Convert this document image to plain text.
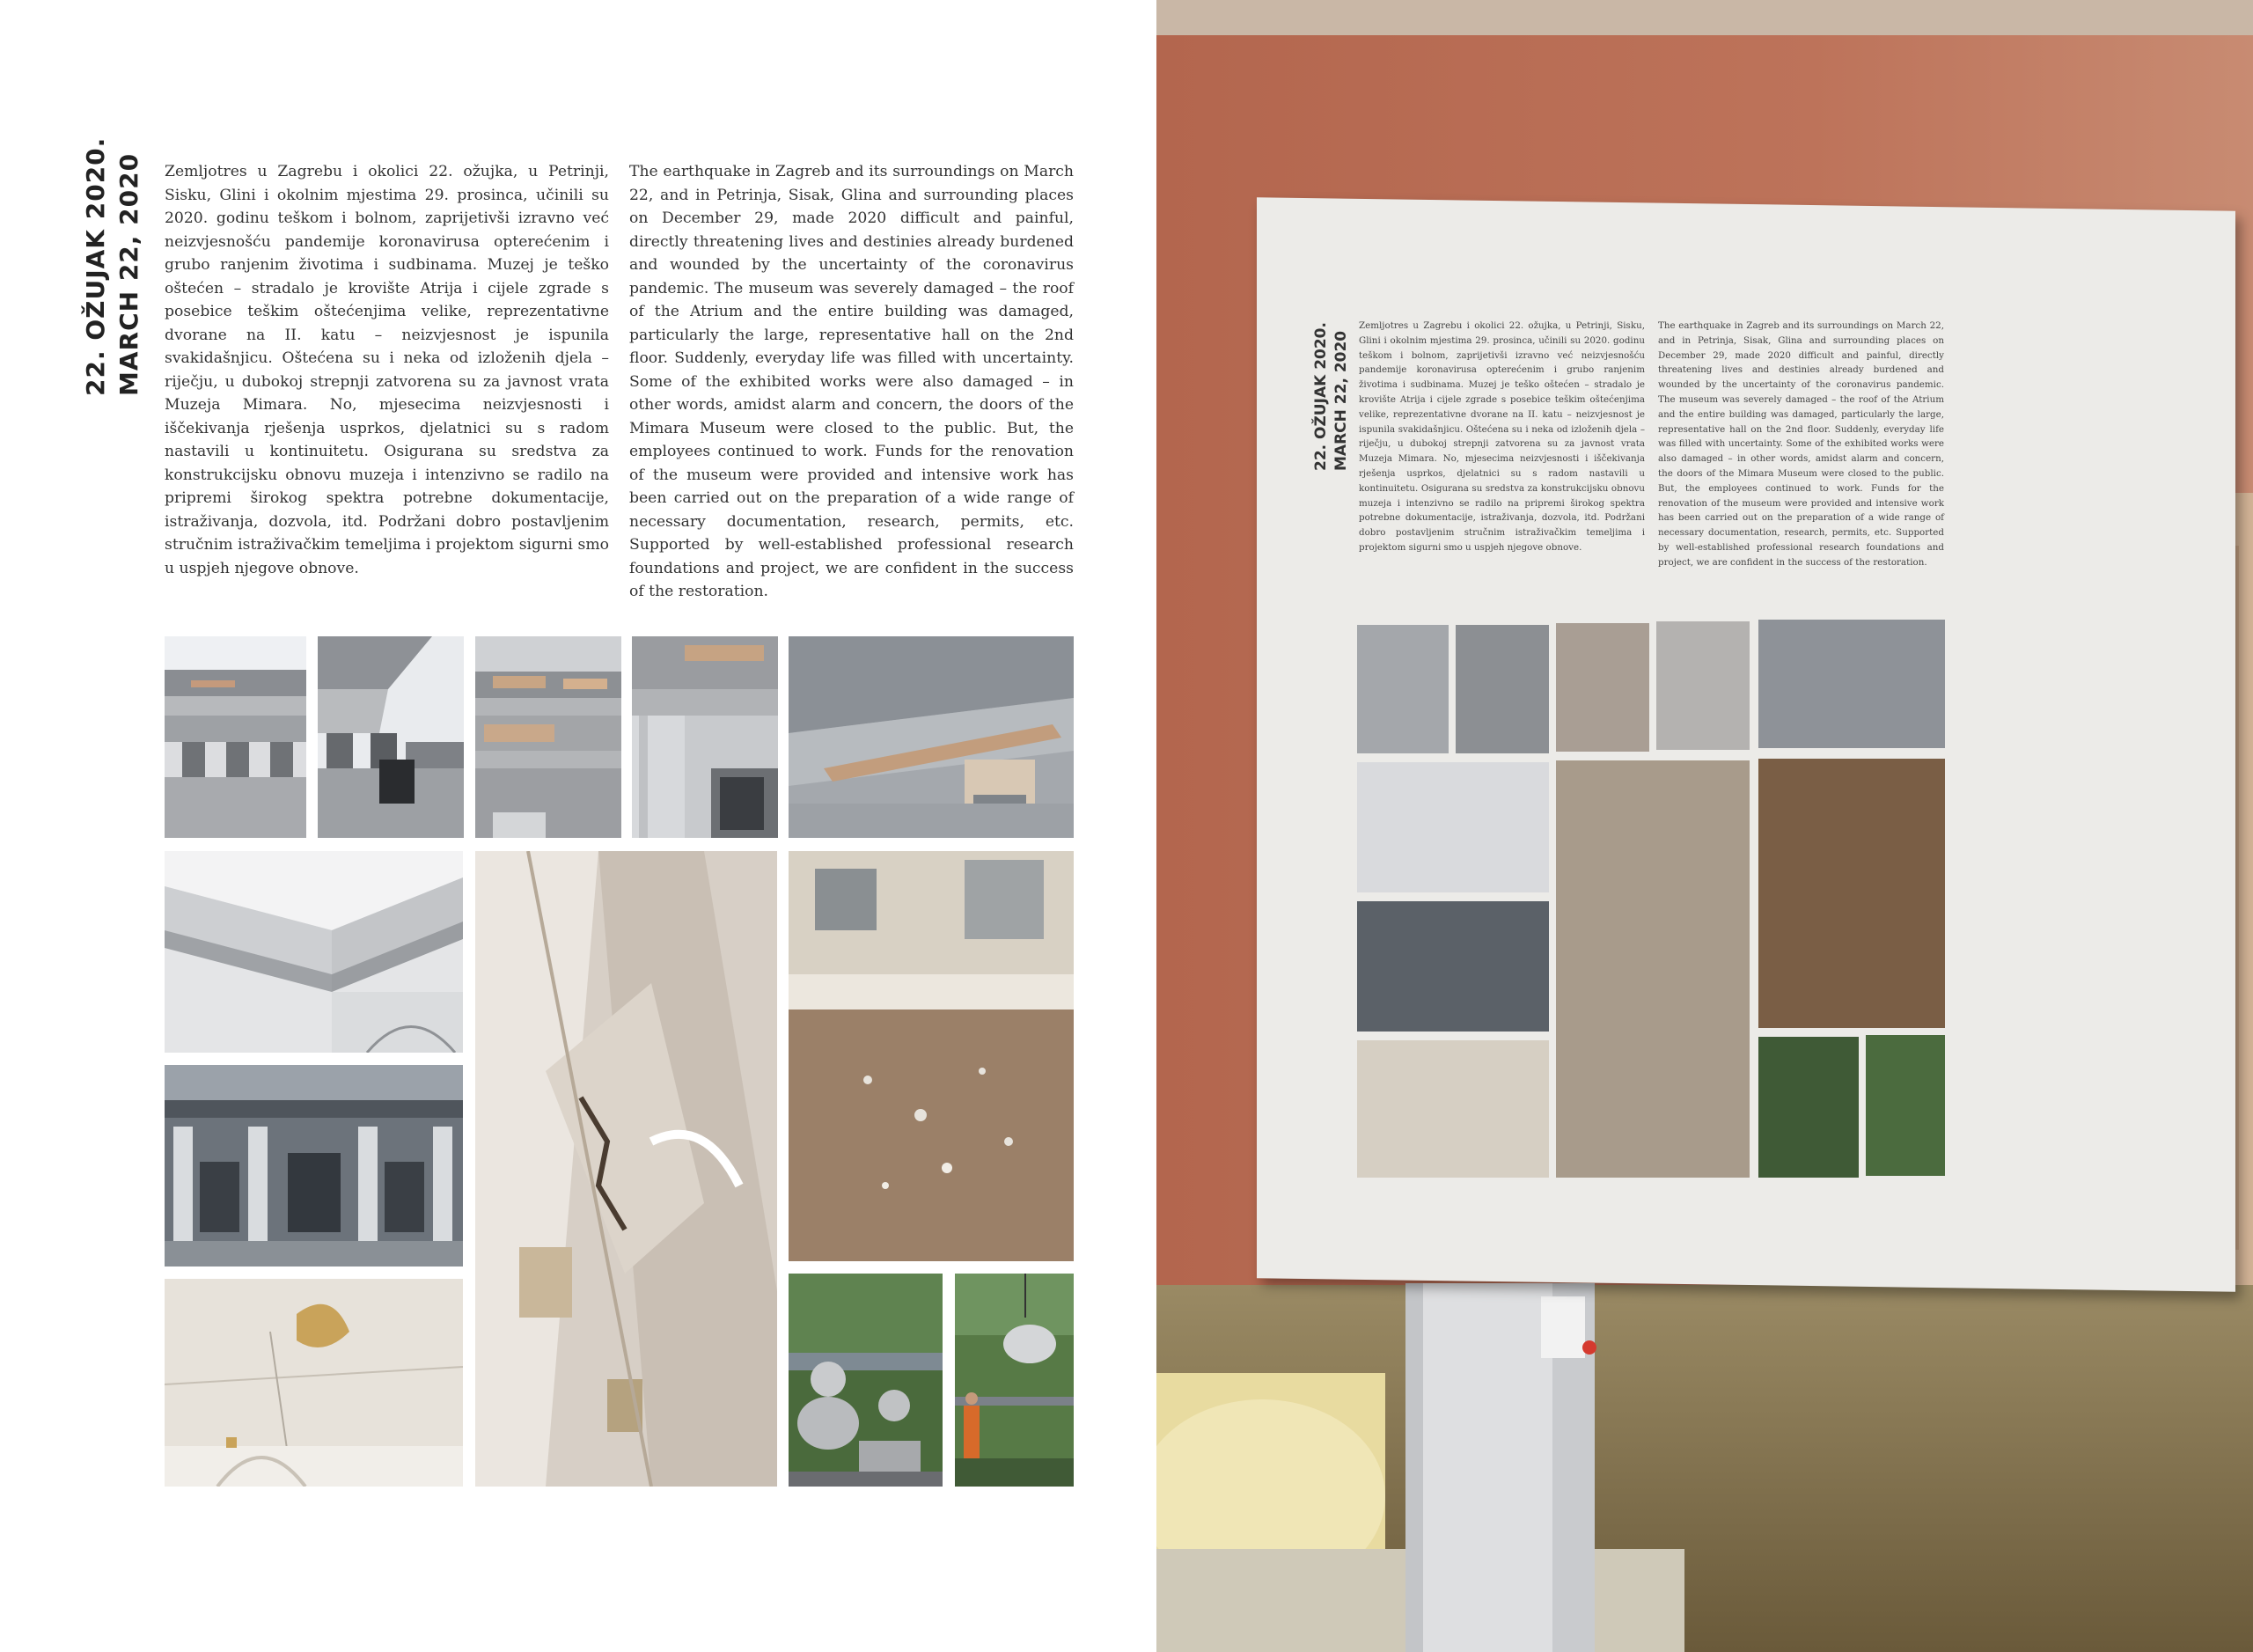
22. OŽUJAK 2020. MARCH 22, 2020 Zemljotres u Zagrebu i okolici 22. ožujka, u Petrinji, Sisku, Glini i okolnim mjestima 29. prosinca, učinili su 2020. godinu teškom i bolnom, zaprijetivši izravno već neizvjesnošću pandemije koronavirusa opterećenim i grubo ranjenim životima i sudbinama. Muzej je teško oštećen – stradalo je krovište Atrija i cijele zgrade s posebice teškim oštećenjima velike, reprezentativne dvorane na II. katu – neizvjesnost je ispunila svakidašnjicu. Oštećena su i neka od izloženih djela – riječju, u dubokoj strepnji zatvorena su za javnost vrata Muzeja Mimara. No, mjesecima neizvjesnosti i iščekivanja rješenja usprkos, djelatnici su s radom nastavili u kontinuitetu. Osigurana su sredstva za konstrukcijsku obnovu muzeja i intenzivno se radilo na pripremi širokog spektra potrebne dokumentacije, istraživanja, dozvola, itd. Podržani dobro postavljenim stručnim istraživačkim temeljima i projektom sigurni smo u uspjeh njegove obnove.
The earthquake in Zagreb and its surroundings on March 22, and in Petrinja, Sisak, Glina and surrounding places on December 29, made 2020 difficult and painful, directly threatening lives and destinies already burdened and wounded by the uncertainty of the coronavirus pandemic. The museum was severely damaged – the roof of the Atrium and the entire building was damaged, particularly the large, representative hall on the 2nd floor. Suddenly, everyday life was filled with uncertainty. Some of the exhibited works were also damaged – in other words, amidst alarm and concern, the doors of the Mimara Museum were closed to the public. But, the employees continued to work. Funds for the renovation of the museum were provided and intensive work has been carried out on the preparation of a wide range of necessary documentation, research, permits, etc. Supported by well-established professional research foundations and project, we are confident in the success of the restoration.
22. OŽUJAK 2020. MARCH 22, 2020
Zemljotres u Zagrebu i okolici 22. ožujka, u Petrinji, Sisku, Glini i okolnim mjestima 29. prosinca, učinili su 2020. godinu teškom i bolnom, zaprijetivši izravno već neizvjesnošću pandemije koronavirusa opterećenim i grubo ranjenim životima i sudbinama. Muzej je teško oštećen – stradalo je krovište Atrija i cijele zgrade s posebice teškim oštećenjima velike, reprezentativne dvorane na II. katu – neizvjesnost je ispunila svakidašnjicu. Oštećena su i neka od izloženih djela – riječju, u dubokoj strepnji zatvorena su za javnost vrata Muzeja Mimara. No, mjesecima neizvjesnosti i iščekivanja rješenja usprkos, djelatnici su s radom nastavili u kontinuitetu. Osigurana su sredstva za konstrukcijsku obnovu muzeja i intenzivno se radilo na pripremi širokog spektra potrebne dokumentacije, istraživanja, dozvola, itd. Podržani dobro postavljenim stručnim istraživačkim temeljima i projektom sigurni smo u uspjeh njegove obnove.
The earthquake in Zagreb and its surroundings on March 22, and in Petrinja, Sisak, Glina and surrounding places on December 29, made 2020 difficult and painful, directly threatening lives and destinies already burdened and wounded by the uncertainty of the coronavirus pandemic. The museum was severely damaged – the roof of the Atrium and the entire building was damaged, particularly the large, representative hall on the 2nd floor. Suddenly, everyday life was filled with uncertainty. Some of the exhibited works were also damaged – in other words, amidst alarm and concern, the doors of the Mimara Museum were closed to the public. But, the employees continued to work. Funds for the renovation of the museum were provided and intensive work has been carried out on the preparation of a wide range of necessary documentation, research, permits, etc. Supported by well-established professional research foundations and project, we are confident in the success of the restoration.
